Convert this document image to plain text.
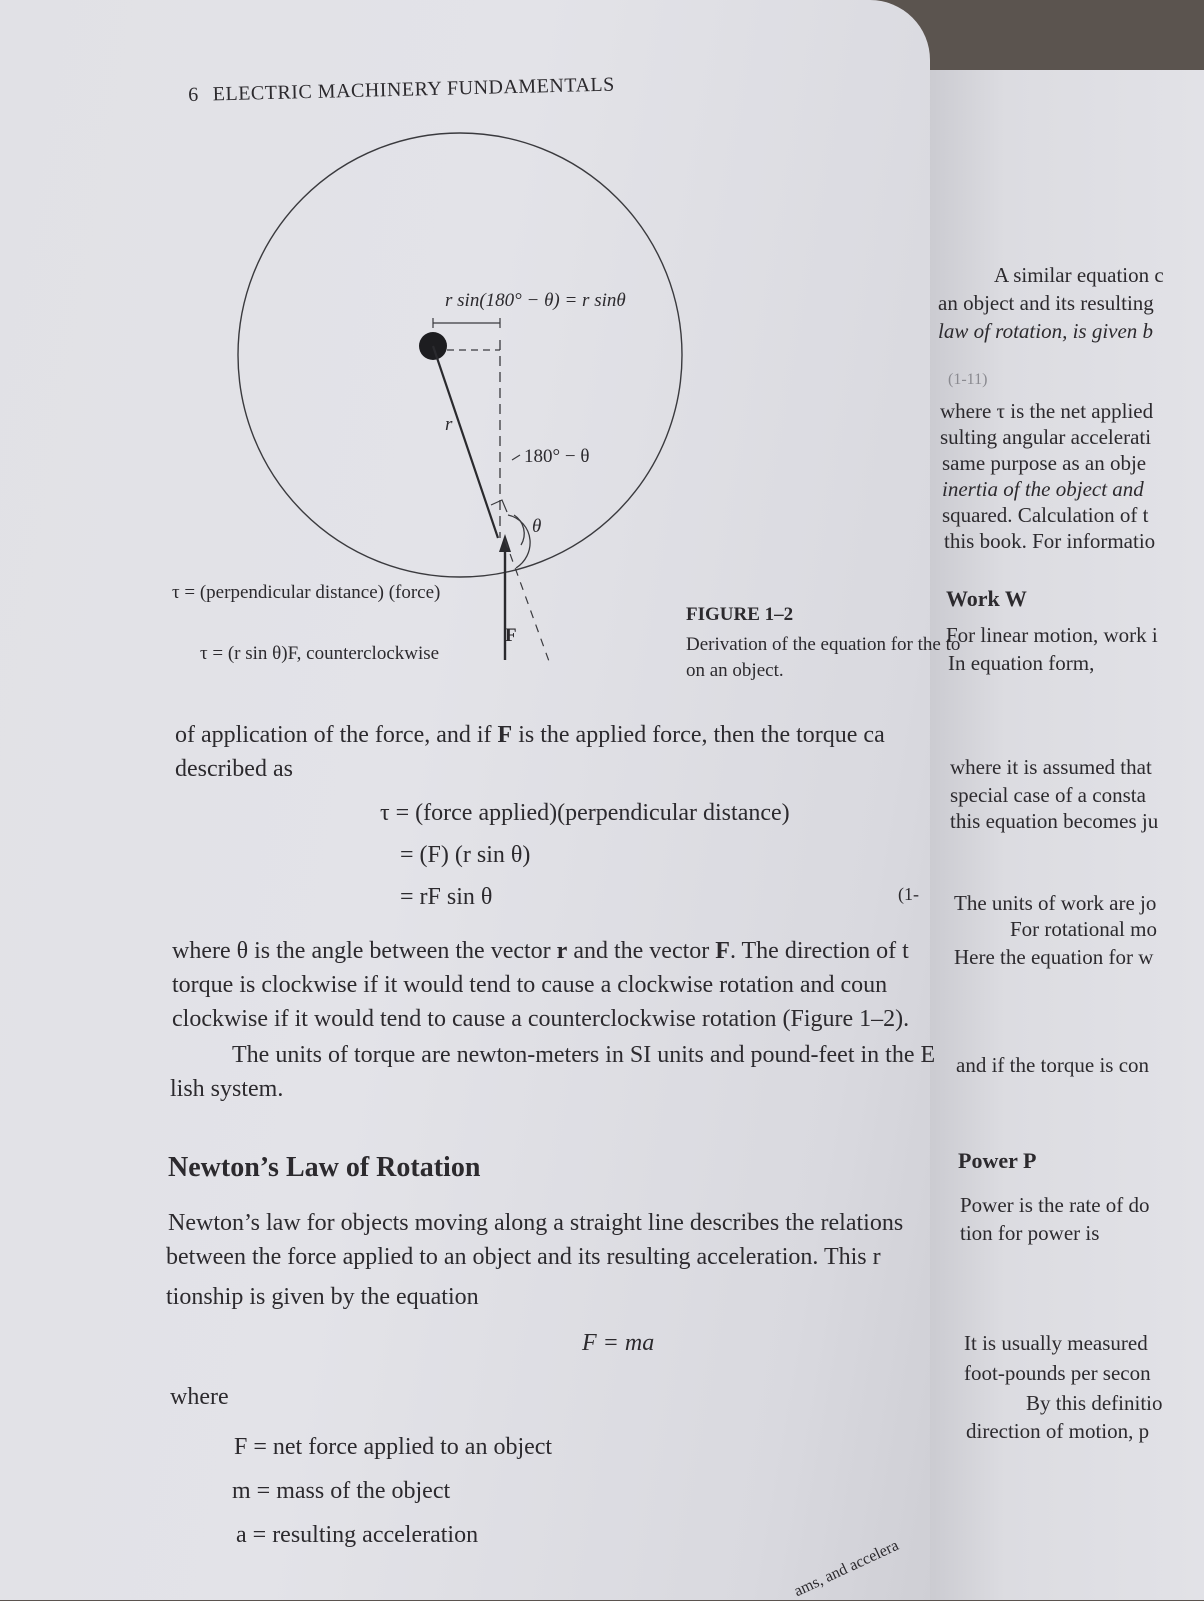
6 ELECTRIC MACHINERY FUNDAMENTALS
r sin(180° − θ) = r sinθ
r
180° − θ
θ
F
τ = (perpendicular distance) (force)
τ = (r sin θ)F, counterclockwise
FIGURE 1–2
Derivation of the equation for the to
on an object.
of application of the force, and if F is the applied force, then the torque ca
described as
τ = (force applied)(perpendicular distance)
= (F) (r sin θ)
= rF sin θ	(1-
where θ is the angle between the vector r and the vector F. The direction of t
torque is clockwise if it would tend to cause a clockwise rotation and coun
clockwise if it would tend to cause a counterclockwise rotation (Figure 1–2).
The units of torque are newton-meters in SI units and pound-feet in the E
lish system.
Newton’s Law of Rotation
Newton’s law for objects moving along a straight line describes the relations
between the force applied to an object and its resulting acceleration. This r
tionship is given by the equation
F = ma
where
F = net force applied to an object
m = mass of the object
a = resulting acceleration
ams, and accelera
A similar equation c
an object and its resulting
law of rotation, is given b
(1-11)
where τ is the net applied
sulting angular accelerati
same purpose as an obje
inertia of the object and
squared. Calculation of t
this book. For informatio
Work W
For linear motion, work i
In equation form,
where it is assumed that
special case of a consta
this equation becomes ju
The units of work are jo
For rotational mo
Here the equation for w
and if the torque is con
Power P
Power is the rate of do
tion for power is
It is usually measured
foot-pounds per secon
By this definitio
direction of motion, p
